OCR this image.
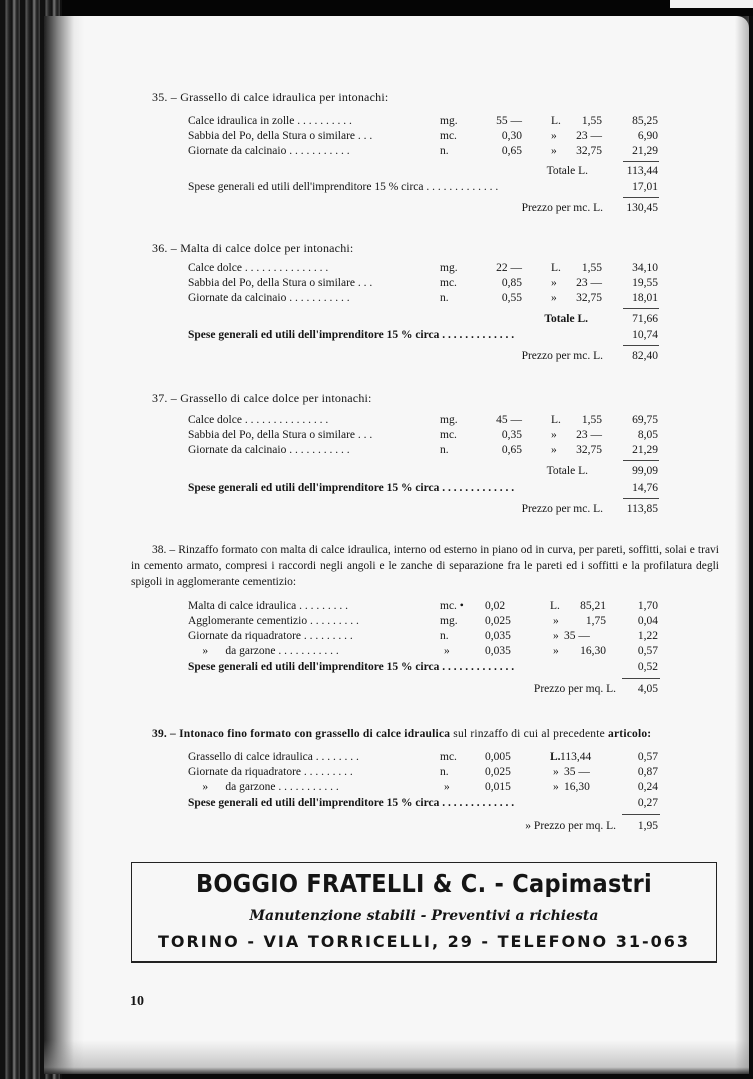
35. – Grassello di calce idraulica per intonachi:
Calce idraulica in zolle . . . . . . . . . .	mg.	55 —	L.	1,55	85,25
Sabbia del Po, della Stura o similare . . .	mc.	0,30	»	23 —	6,90
Giornate da calcinaio . . . . . . . . . . .	n.	0,65	»	32,75	21,29
Totale L.	113,44
Spese generali ed utili dell'imprenditore 15 % circa . . . . . . . . . . . . .	17,01
Prezzo per mc. L.	130,45
36. – Malta di calce dolce per intonachi:
Calce dolce . . . . . . . . . . . . . . .	mg.	22 —	L.	1,55	34,10
Sabbia del Po, della Stura o similare . . .	mc.	0,85	»	23 —	19,55
Giornate da calcinaio . . . . . . . . . . .	n.	0,55	»	32,75	18,01
Totale L.	71,66
Spese generali ed utili dell'imprenditore 15 % circa . . . . . . . . . . . . .	10,74
Prezzo per mc. L.	82,40
37. – Grassello di calce dolce per intonachi:
Calce dolce . . . . . . . . . . . . . . .	mg.	45 —	L.	1,55	69,75
Sabbia del Po, della Stura o similare . . .	mc.	0,35	»	23 —	8,05
Giornate da calcinaio . . . . . . . . . . .	n.	0,65	»	32,75	21,29
Totale L.	99,09
Spese generali ed utili dell'imprenditore 15 % circa . . . . . . . . . . . . .	14,76
Prezzo per mc. L.	113,85
38. – Rinzaffo formato con malta di calce idraulica, interno od esterno in piano od in curva, per pareti, soffitti, solai e travi in cemento armato, compresi i raccordi negli angoli e le zanche di separazione fra le pareti ed i soffitti e la profilatura degli spigoli in agglomerante cementizio:
Malta di calce idraulica . . . . . . . . .	mc. • 0,02	L.	85,21	1,70
Agglomerante cementizio . . . . . . . . .	mg. 0,025	»	1,75	0,04
Giornate da riquadratore . . . . . . . . .	n.	0,035	» 35 —	1,22
»      da garzone . . . . . . . . . . .	»	0,035	»	16,30	0,57
Spese generali ed utili dell'imprenditore 15 % circa . . . . . . . . . . . . .	0,52
Prezzo per mq. L.	4,05
39. – Intonaco fino formato con grassello di calce idraulica sul rinzaffo di cui al precedente articolo:
Grassello di calce idraulica . . . . . . . .	mc. 0,005	L. 113,44	0,57
Giornate da riquadratore . . . . . . . . .	n.	0,025	» 35 —	0,87
»      da garzone . . . . . . . . . . .	»	0,015	» 16,30	0,24
Spese generali ed utili dell'imprenditore 15 % circa . . . . . . . . . . . . .	0,27
» Prezzo per mq. L.	1,95
BOGGIO FRATELLI & C. - Capimastri
Manutenzione stabili - Preventivi a richiesta
TORINO - VIA TORRICELLI, 29 - TELEFONO 31-063
10
